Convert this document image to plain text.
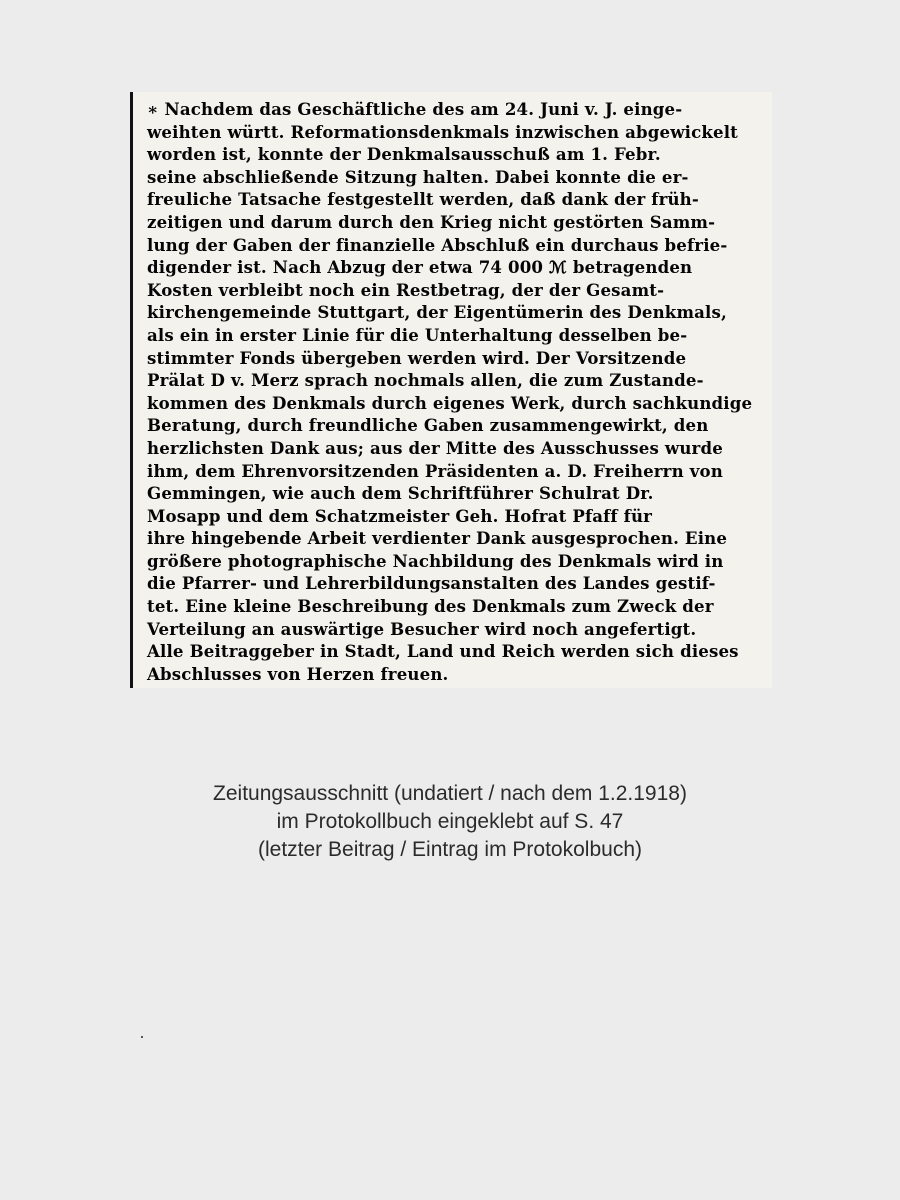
∗ Nachdem das Geschäftliche des am 24. Juni v. J. einge-
weihten württ. Reformationsdenkmals inzwischen abgewickelt
worden ist, konnte der Denkmalsausschuß am 1. Febr.
seine abschließende Sitzung halten. Dabei konnte die er-
freuliche Tatsache festgestellt werden, daß dank der früh-
zeitigen und darum durch den Krieg nicht gestörten Samm-
lung der Gaben der finanzielle Abschluß ein durchaus befrie-
digender ist. Nach Abzug der etwa 74 000 ℳ betragenden
Kosten verbleibt noch ein Restbetrag, der der Gesamt-
kirchengemeinde Stuttgart, der Eigentümerin des Denkmals,
als ein in erster Linie für die Unterhaltung desselben be-
stimmter Fonds übergeben werden wird. Der Vorsitzende
Prälat D v. Merz sprach nochmals allen, die zum Zustande-
kommen des Denkmals durch eigenes Werk, durch sachkundige
Beratung, durch freundliche Gaben zusammengewirkt, den
herzlichsten Dank aus; aus der Mitte des Ausschusses wurde
ihm, dem Ehrenvorsitzenden Präsidenten a. D. Freiherrn von
Gemmingen, wie auch dem Schriftführer Schulrat Dr.
Mosapp und dem Schatzmeister Geh. Hofrat Pfaff für
ihre hingebende Arbeit verdienter Dank ausgesprochen. Eine
größere photographische Nachbildung des Denkmals wird in
die Pfarrer- und Lehrerbildungsanstalten des Landes gestif-
tet. Eine kleine Beschreibung des Denkmals zum Zweck der
Verteilung an auswärtige Besucher wird noch angefertigt.
Alle Beitraggeber in Stadt, Land und Reich werden sich dieses
Abschlusses von Herzen freuen.

Zeitungsausschnitt (undatiert / nach dem 1.2.1918)
im Protokollbuch eingeklebt auf S. 47
(letzter Beitrag / Eintrag im Protokolbuch)
